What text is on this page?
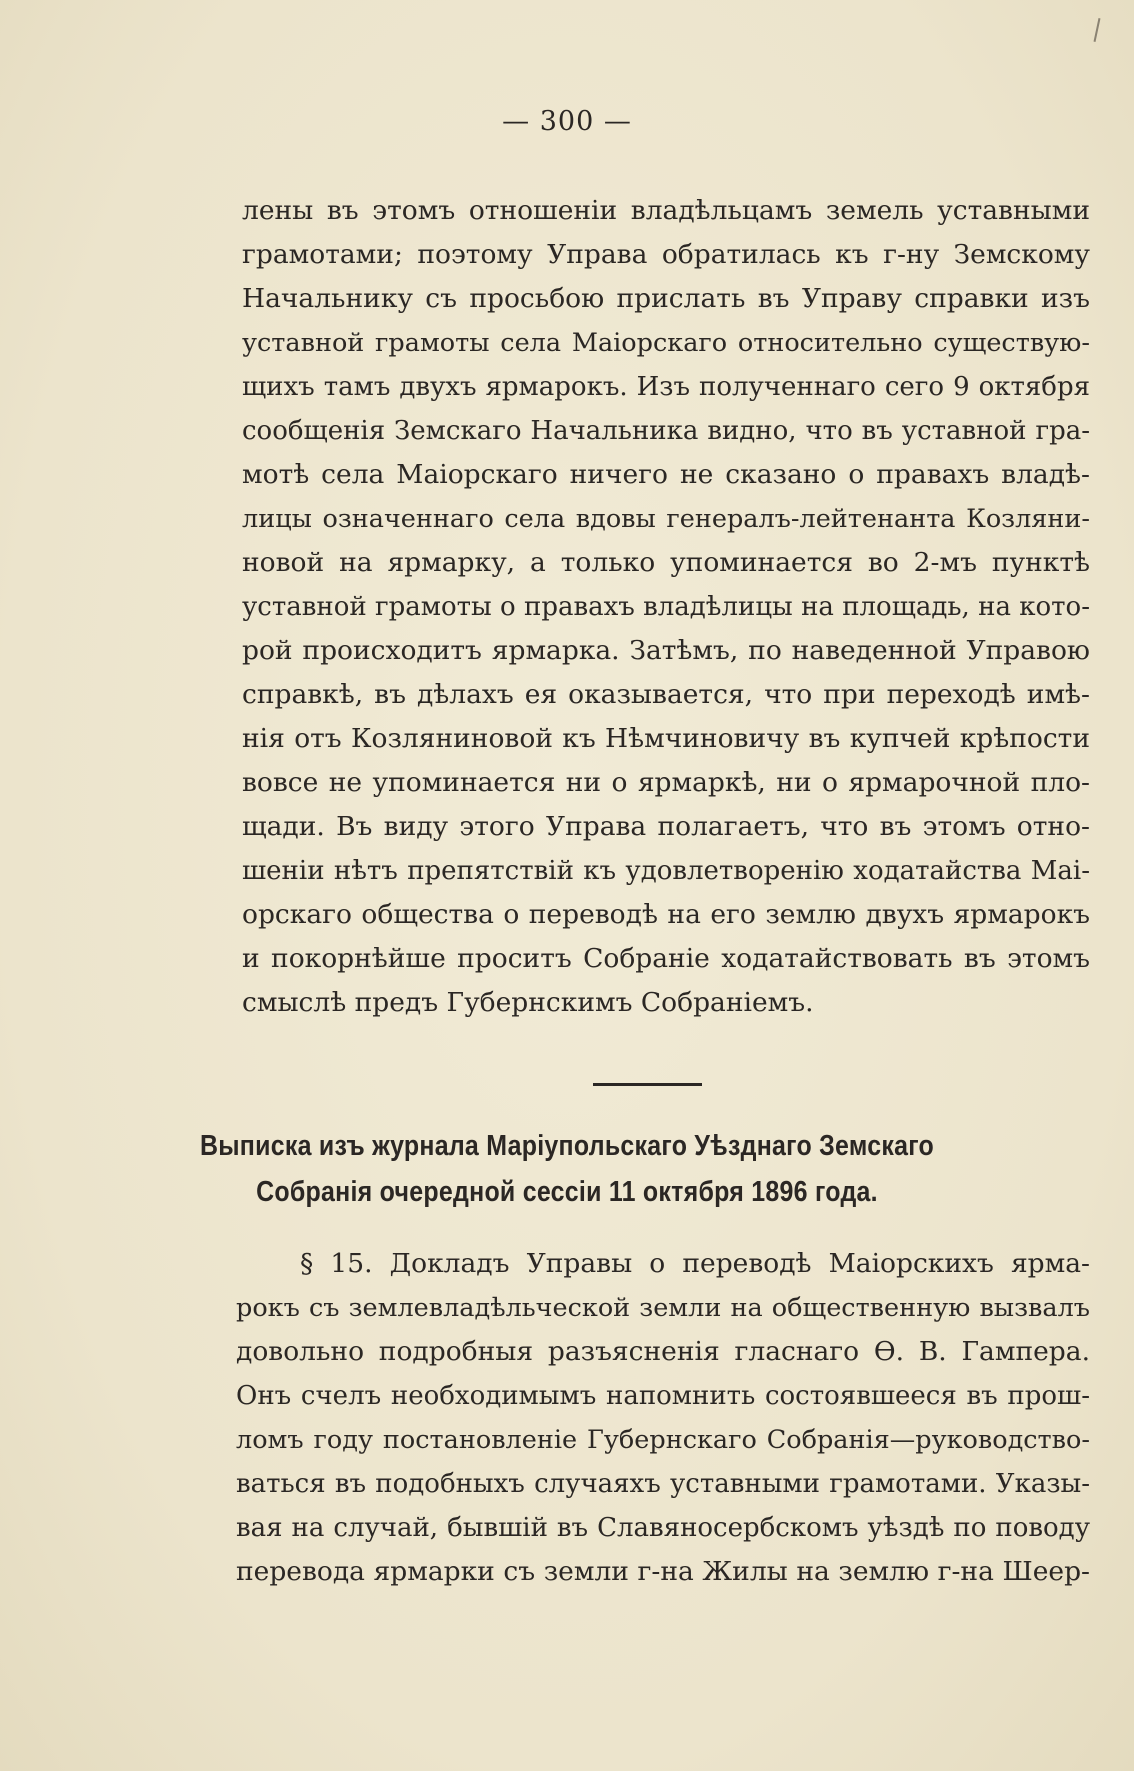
— 300 —
лены въ этомъ отношеніи владѣльцамъ земель уставными
грамотами; поэтому Управа обратилась къ г-ну Земскому
Начальнику съ просьбою прислать въ Управу справки изъ
уставной грамоты села Маіорскаго относительно существую-
щихъ тамъ двухъ ярмарокъ. Изъ полученнаго сего 9 октября
сообщенія Земскаго Начальника видно, что въ уставной гра-
мотѣ села Маіорскаго ничего не сказано о правахъ владѣ-
лицы означеннаго села вдовы генералъ-лейтенанта Козляни-
новой на ярмарку, а только упоминается во 2-мъ пунктѣ
уставной грамоты о правахъ владѣлицы на площадь, на кото-
рой происходитъ ярмарка. Затѣмъ, по наведенной Управою
справкѣ, въ дѣлахъ ея оказывается, что при переходѣ имѣ-
нія отъ Козляниновой къ Нѣмчиновичу въ купчей крѣпости
вовсе не упоминается ни о ярмаркѣ, ни о ярмарочной пло-
щади. Въ виду этого Управа полагаетъ, что въ этомъ отно-
шеніи нѣтъ препятствій къ удовлетворенію ходатайства Маі-
орскаго общества о переводѣ на его землю двухъ ярмарокъ
и покорнѣйше проситъ Собраніе ходатайствовать въ этомъ
смыслѣ предъ Губернскимъ Собраніемъ.
Выписка изъ журнала Маріупольскаго Уѣзднаго Земскаго
Собранія очередной сессіи 11 октября 1896 года.
§ 15. Докладъ Управы о переводѣ Маіорскихъ ярма-
рокъ съ землевладѣльческой земли на общественную вызвалъ
довольно подробныя разъясненія гласнаго Ѳ. В. Гампера.
Онъ счелъ необходимымъ напомнить состоявшееся въ прош-
ломъ году постановленіе Губернскаго Собранія—руководство-
ваться въ подобныхъ случаяхъ уставными грамотами. Указы-
вая на случай, бывшій въ Славяносербскомъ уѣздѣ по поводу
перевода ярмарки съ земли г-на Жилы на землю г-на Шеер-
